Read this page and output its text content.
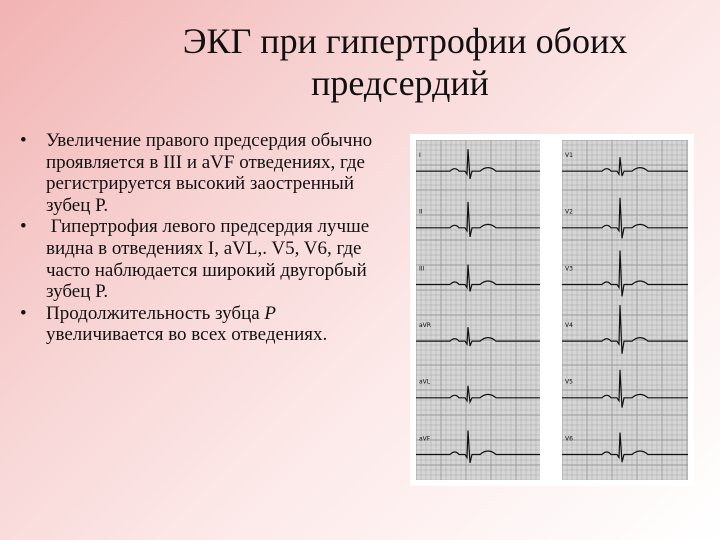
ЭКГ при гипертрофии обоих
предсердий
• Увеличение правого предсердия обычно проявляется в III и aVF отведениях, где регистрируется высокий заостренный зубец Р.
• Гипертрофия левого предсердия лучше видна в отведениях I, aVL,. V5, V6, где часто наблюдается широкий двугорбый зубец Р.
• Продолжительность зубца Р увеличивается во всех отведениях.
I
II
III
aVR
aVL
aVF
V1
V2
V3
V4
V5
V6
